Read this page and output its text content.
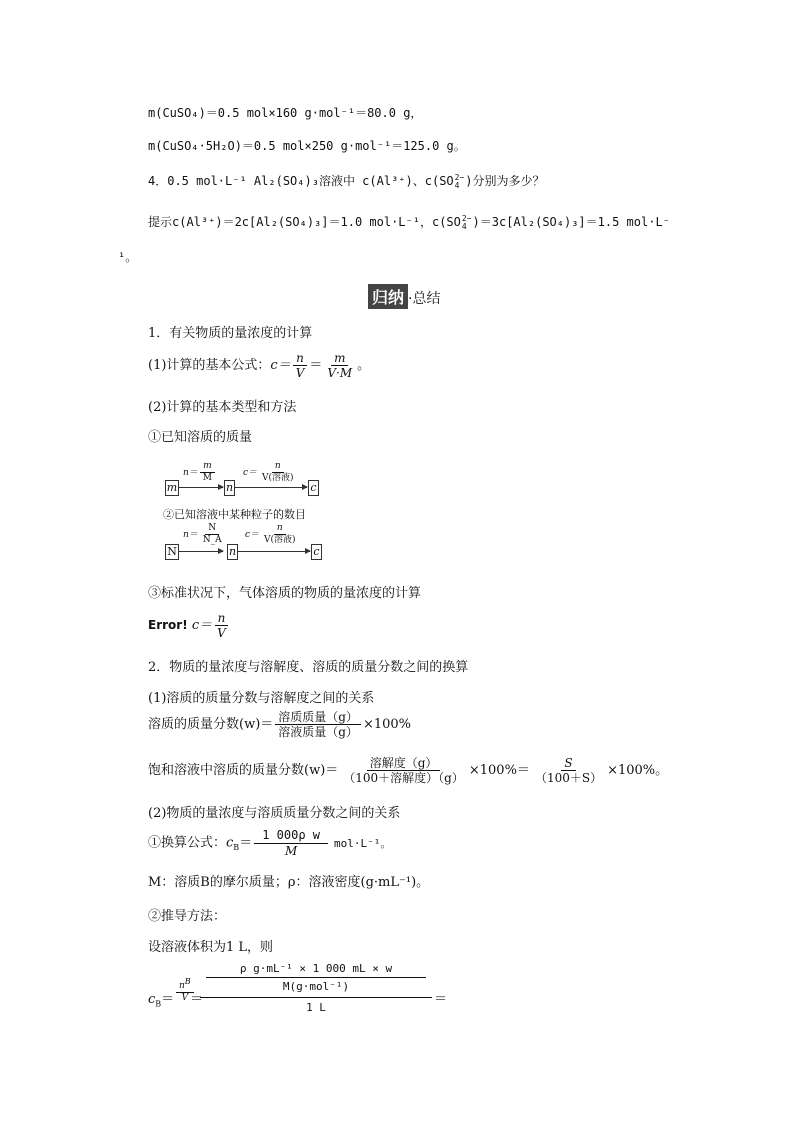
m(CuSO₄)＝0.5 mol×160 g·mol⁻¹＝80.0 g，
m(CuSO₄·5H₂O)＝0.5 mol×250 g·mol⁻¹＝125.0 g。
4．0.5 mol·L⁻¹ Al₂(SO₄)₃溶液中 c(Al³⁺)、c(SO 2−
4 )分别为多少？
提示c(Al³⁺)＝2c[Al₂(SO₄)₃]＝1.0 mol·L⁻¹，c(SO 2−
4 )＝3c[Al₂(SO₄)₃]＝1.5 mol·L⁻
¹。
归纳 ·总结
1．有关物质的量浓度的计算
(1)计算的基本公式：$c= \frac{n}{V} = \frac{m}{V\cdot M}$ 。
(2)计算的基本类型和方法
①已知溶质的质量
m
$n= \frac{m}{M}$
n
$c= \frac{n}{\text{V(溶液)}}$
c
②已知溶液中某种粒子的数目
N
$n= \frac{N}{N\_A}$
n
$c= \frac{n}{\text{V(溶液)}}$
c
③标准状况下，气体溶质的物质的量浓度的计算
Error! $c= \frac{n}{V}$
2．物质的量浓度与溶解度、溶质的质量分数之间的换算
(1)溶质的质量分数与溶解度之间的关系
溶质的质量分数$(w)= \frac{\text{溶质质量（g）}}{\text{溶液质量（g）}} \times 100\%$
饱和溶液中溶质的质量分数$(w)= \frac{\text{溶解度（g）}}{\text{（100＋溶解度）（g）}} \times 100\%= \frac{S}{(100+S)} \times 100\%$。
(2)物质的量浓度与溶质质量分数之间的关系
①换算公式：$c_B= \frac{\text{1 000ρ w}}{M} mol\cdot L^{-1}$。
M：溶质B的摩尔质量；ρ：溶液密度(g·mL⁻¹)。
②推导方法：
设溶液体积为1 L，则
$c_B= \frac{n^B}{V}$
＝
ρ g·mL⁻¹ × 1 000 mL × w
M(g·mol⁻¹)
1 L
＝
